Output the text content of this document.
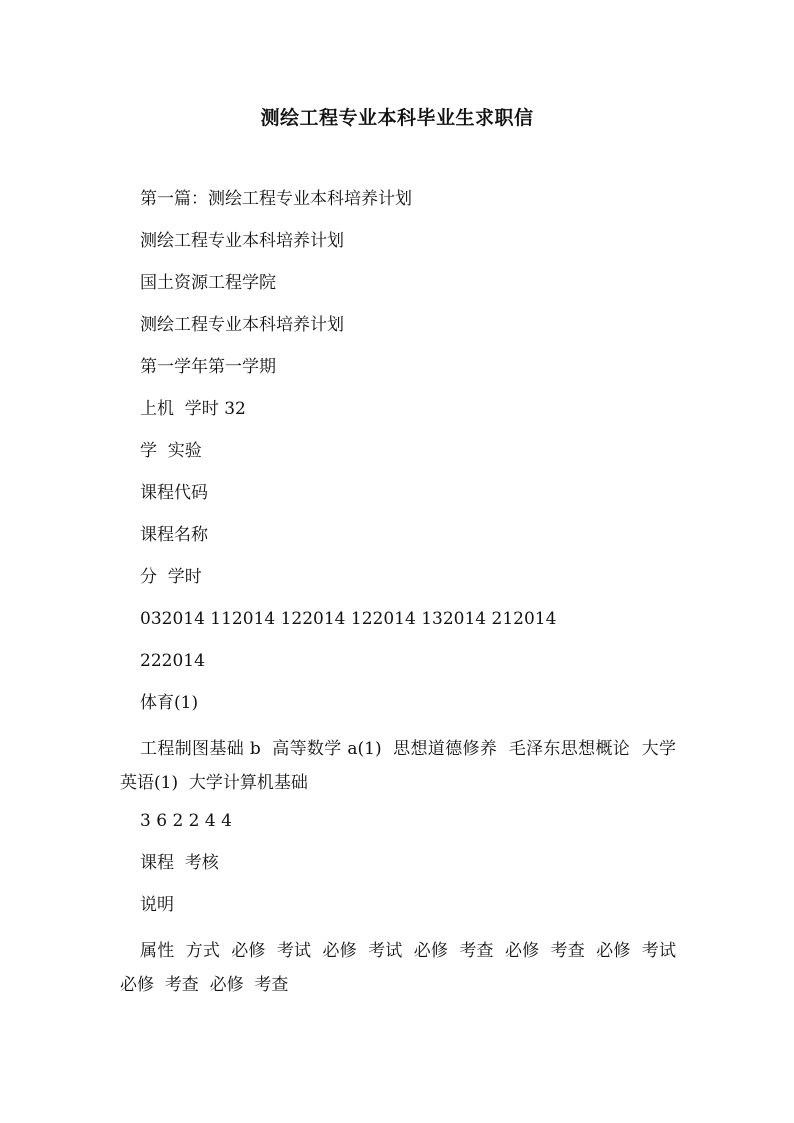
测绘工程专业本科毕业生求职信

第一篇：测绘工程专业本科培养计划

测绘工程专业本科培养计划

国土资源工程学院

测绘工程专业本科培养计划

第一学年第一学期

上机  学时 32

学  实验

课程代码

课程名称

分  学时

032014 112014 122014 122014 132014 212014

222014

体育(1)

工程制图基础 b  高等数学 a(1)  思想道德修养  毛泽东思想概论  大学英语(1)  大学计算机基础

3 6 2 2 4 4

课程  考核

说明

属性  方式  必修  考试  必修  考试  必修  考查  必修  考查  必修  考试  必修  考查  必修  考查
